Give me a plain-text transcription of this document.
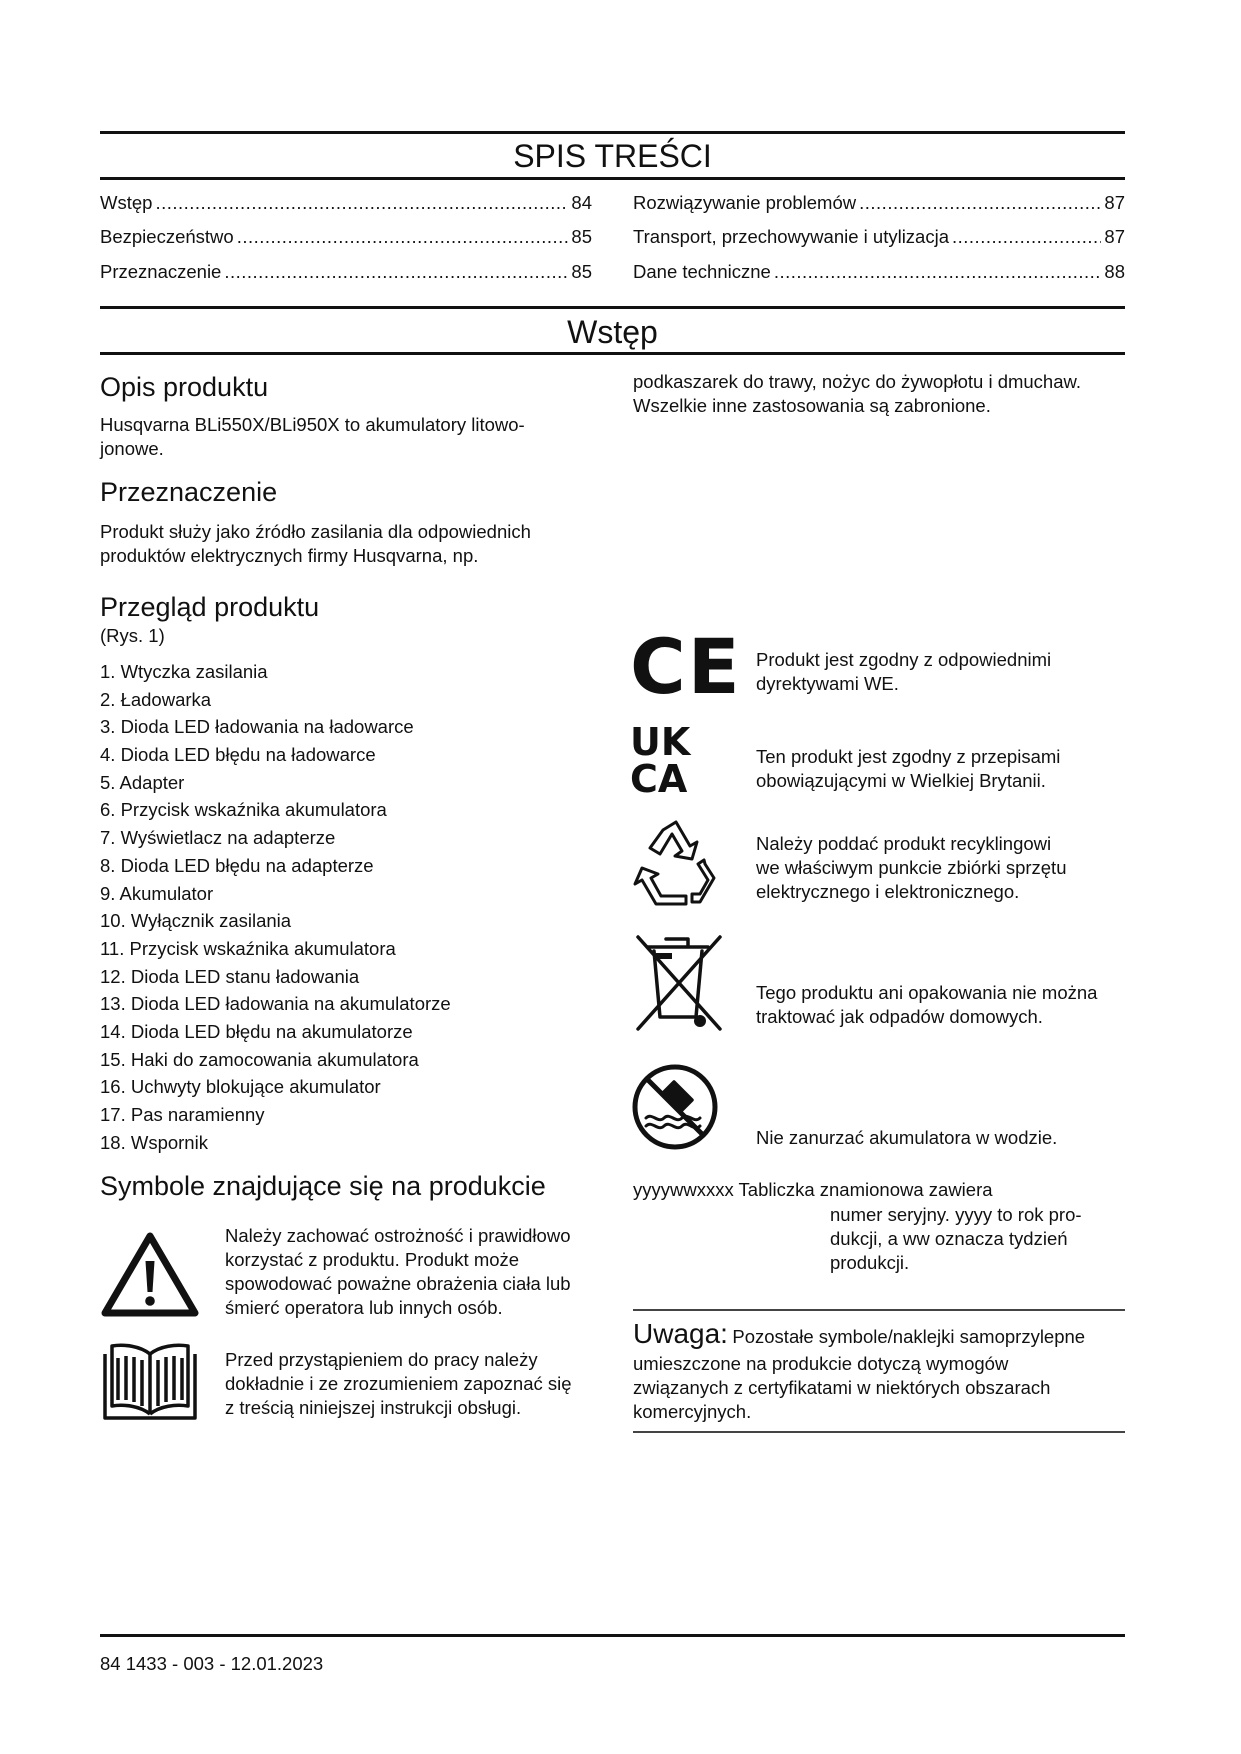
SPIS TREŚCI
Wstęp .....	84
Bezpieczeństwo .....	85
Przeznaczenie .....	85
Rozwiązywanie problemów .....	87
Transport, przechowywanie i utylizacja .....	87
Dane techniczne .....	88
Wstęp
Opis produktu
Husqvarna BLi550X/BLi950X to akumulatory litowo-
jonowe.
Przeznaczenie
Produkt służy jako źródło zasilania dla odpowiednich
produktów elektrycznych firmy Husqvarna, np.
Przegląd produktu
(Rys. 1)
1. Wtyczka zasilania
2. Ładowarka
3. Dioda LED ładowania na ładowarce
4. Dioda LED błędu na ładowarce
5. Adapter
6. Przycisk wskaźnika akumulatora
7. Wyświetlacz na adapterze
8. Dioda LED błędu na adapterze
9. Akumulator
10. Wyłącznik zasilania
11. Przycisk wskaźnika akumulatora
12. Dioda LED stanu ładowania
13. Dioda LED ładowania na akumulatorze
14. Dioda LED błędu na akumulatorze
15. Haki do zamocowania akumulatora
16. Uchwyty blokujące akumulator
17. Pas naramienny
18. Wspornik
Symbole znajdujące się na produkcie
Należy zachować ostrożność i prawidłowo
korzystać z produktu. Produkt może
spowodować poważne obrażenia ciała lub
śmierć operatora lub innych osób.
Przed przystąpieniem do pracy należy
dokładnie i ze zrozumieniem zapoznać się
z treścią niniejszej instrukcji obsługi.
podkaszarek do trawy, nożyc do żywopłotu i dmuchaw.
Wszelkie inne zastosowania są zabronione.
CE Produkt jest zgodny z odpowiednimi
dyrektywami WE.
UK
CA
Ten produkt jest zgodny z przepisami
obowiązującymi w Wielkiej Brytanii.
Należy poddać produkt recyklingowi
we właściwym punkcie zbiórki sprzętu
elektrycznego i elektronicznego.
Tego produktu ani opakowania nie można
traktować jak odpadów domowych.
Nie zanurzać akumulatora w wodzie.
yyyywwxxxx Tabliczka znamionowa zawiera
numer seryjny. yyyy to rok pro-
dukcji, a ww oznacza tydzień
produkcji.
Uwaga: Pozostałe symbole/naklejki samoprzylepne
umieszczone na produkcie dotyczą wymogów
związanych z certyfikatami w niektórych obszarach
komercyjnych.
84 1433 - 003 - 12.01.2023
